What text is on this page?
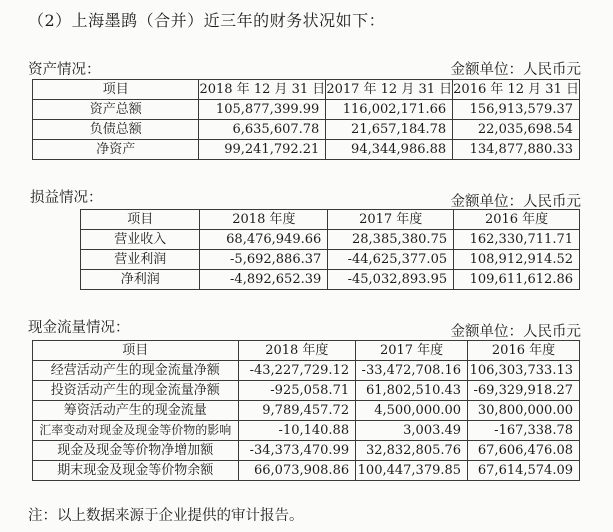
（2）上海墨鹍（合并）近三年的财务状况如下：
资产情况：	金额单位：人民币元
项目	2018 年 12 月 31 日	2017 年 12 月 31 日	2016 年 12 月 31 日
资产总额	105,877,399.99	116,002,171.66	156,913,579.37
负债总额	6,635,607.78	21,657,184.78	22,035,698.54
净资产	99,241,792.21	94,344,986.88	134,877,880.33
损益情况：	金额单位：人民币元
项目	2018 年度	2017 年度	2016 年度
营业收入	68,476,949.66	28,385,380.75	162,330,711.71
营业利润	-5,692,886.37	-44,625,377.05	108,912,914.52
净利润	-4,892,652.39	-45,032,893.95	109,611,612.86
现金流量情况：	金额单位：人民币元
项目	2018 年度	2017 年度	2016 年度
经营活动产生的现金流量净额	-43,227,729.12	-33,472,708.16	106,303,733.13
投资活动产生的现金流量净额	-925,058.71	61,802,510.43	-69,329,918.27
筹资活动产生的现金流量	9,789,457.72	4,500,000.00	30,800,000.00
汇率变动对现金及现金等价物的影响	-10,140.88	3,003.49	-167,338.78
现金及现金等价物净增加额	-34,373,470.99	32,832,805.76	67,606,476.08
期末现金及现金等价物余额	66,073,908.86	100,447,379.85	67,614,574.09
注：以上数据来源于企业提供的审计报告。
